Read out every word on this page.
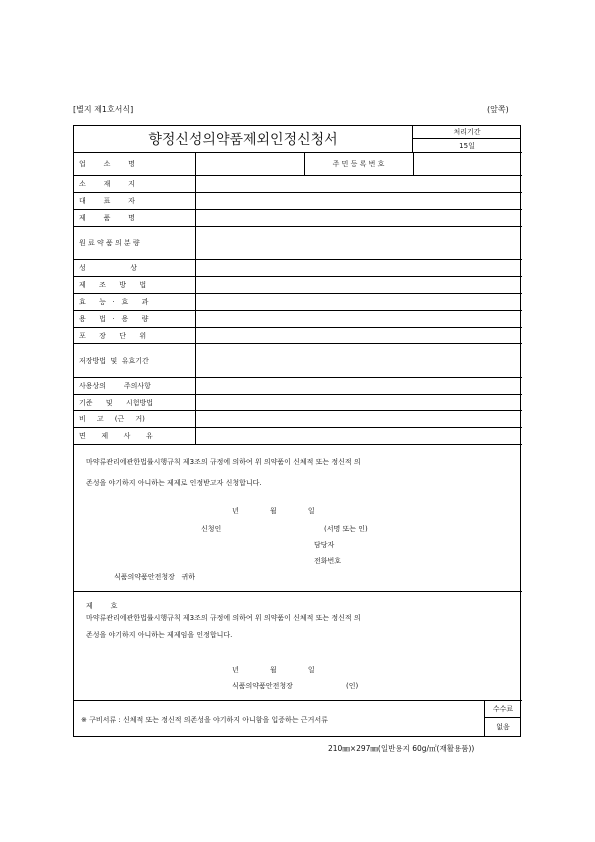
[별지 제1호서식]	(앞쪽)
향정신성의약품제외인정신청서	처리기간
15일
업        소        명	주 민 등 록 번 호
소        재        지
대        표        자
제        품        명
원 료 약 품 의 분 량
성                    상
제      조      방      법
효      능   ·   효      과
용      법   ·   용      량
포      장      단      위
저장방법  및  유효기간
사용상의        주의사항
기준      및      시험방법
비     고     (근     거)
면       제       사       유
마약류관리에관한법률시행규칙 제3조의 규정에 의하여 위 의약품이 신체적 또는 정신적 의
존성을 야기하지 아니하는 제제로 인정받고자 신청합니다.
년              월              일
신청인	(서명 또는 인)
담당자
전화번호
식품의약품안전청장   귀하
제        호
마약류관리에관한법률시행규칙 제3조의 규정에 의하여 위 의약품이 신체적 또는 정신적 의
존성을 야기하지 아니하는 제제임을 인정합니다.
년              월              일
식품의약품안전청장	(인)
※ 구비서류 : 신체적 또는 정신적 의존성을 야기하지 아니함을 입증하는 근거서류
수수료
없음
210㎜×297㎜(일반용지 60g/㎡(재활용품))
